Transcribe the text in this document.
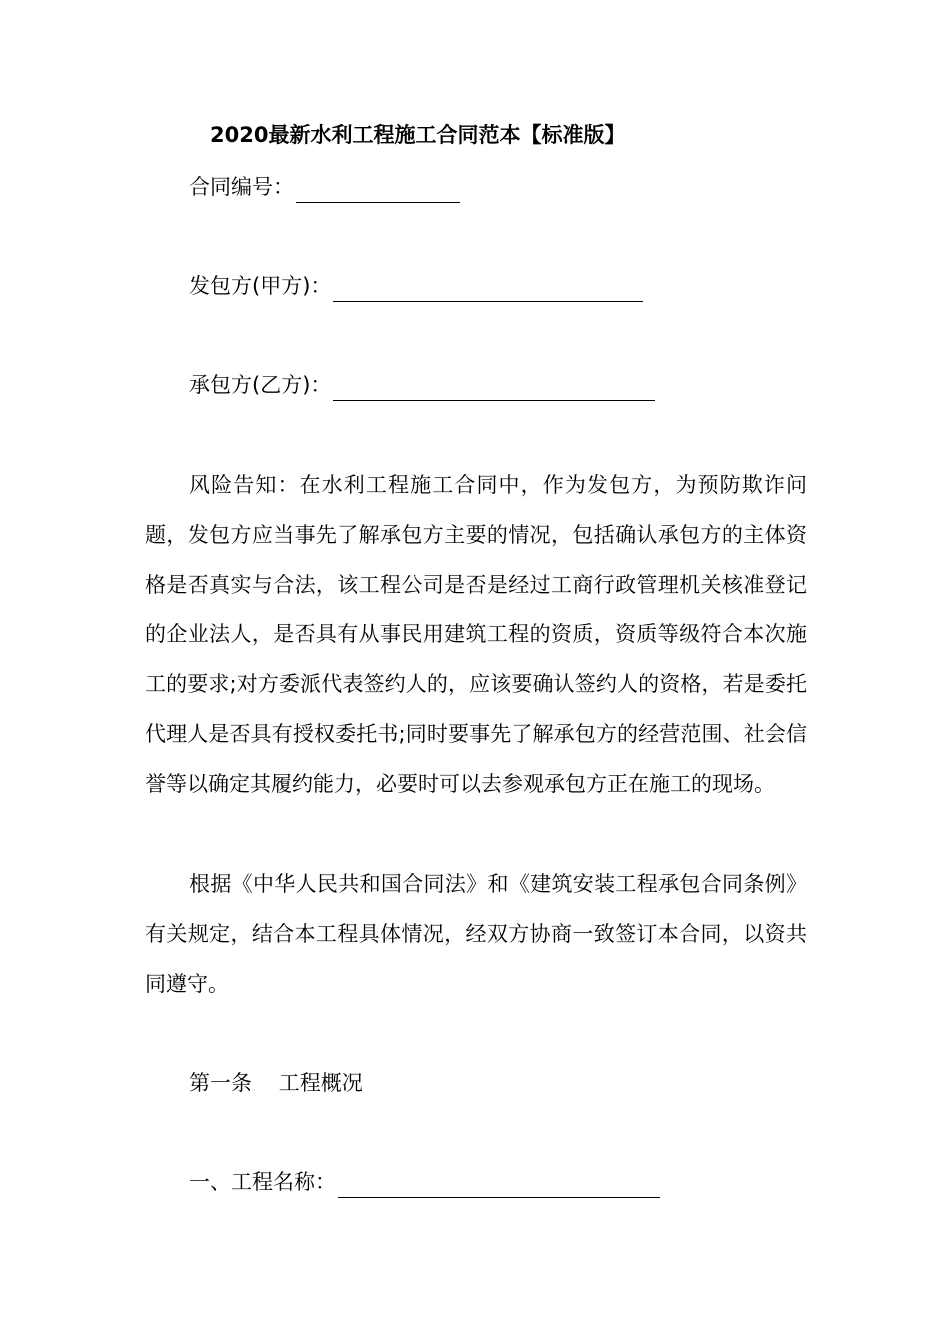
2020最新水利工程施工合同范本【标准版】
合同编号：
发包方(甲方)：
承包方(乙方)：

风险告知：在水利工程施工合同中，作为发包方，为预防欺诈问题，发包方应当事先了解承包方主要的情况，包括确认承包方的主体资格是否真实与合法，该工程公司是否是经过工商行政管理机关核准登记的企业法人，是否具有从事民用建筑工程的资质，资质等级符合本次施工的要求;对方委派代表签约人的，应该要确认签约人的资格，若是委托代理人是否具有授权委托书;同时要事先了解承包方的经营范围、社会信誉等以确定其履约能力，必要时可以去参观承包方正在施工的现场。

根据《中华人民共和国合同法》和《建筑安装工程承包合同条例》有关规定，结合本工程具体情况，经双方协商一致签订本合同，以资共同遵守。

第一条    工程概况
一、工程名称：
